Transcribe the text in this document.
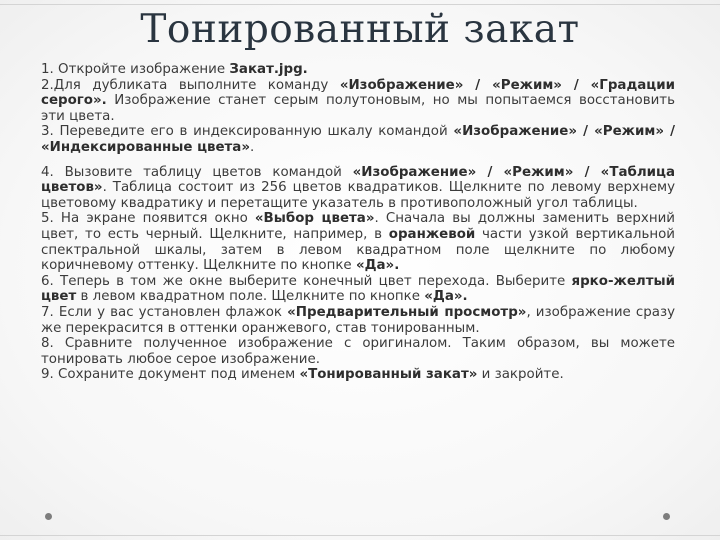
Тонированный закат

1. Откройте изображение Закат.jpg.

2.Для дубликата выполните команду «Изображение» / «Режим» / «Градации серого». Изображение станет серым полутоновым, но мы попытаемся восстановить эти цвета.

3. Переведите его в индексированную шкалу командой «Изображение» / «Режим» / «Индексированные цвета».

4. Вызовите таблицу цветов командой «Изображение» / «Режим» / «Таблица цветов». Таблица состоит из 256 цветов квадратиков. Щелкните по левому верхнему цветовому квадратику и перетащите указатель в противоположный угол таблицы.

5. На экране появится окно «Выбор цвета». Сначала вы должны заменить верхний цвет, то есть черный. Щелкните, например, в оранжевой части узкой вертикальной спектральной шкалы, затем в левом квадратном поле щелкните по любому коричневому оттенку. Щелкните по кнопке «Да».

6. Теперь в том же окне выберите конечный цвет перехода. Выберите ярко-желтый цвет в левом квадратном поле. Щелкните по кнопке «Да».

7. Если у вас установлен флажок «Предварительный просмотр», изображение сразу же перекрасится в оттенки оранжевого, став тонированным.

8. Сравните полученное изображение с оригиналом. Таким образом, вы можете тонировать любое серое изображение.

9. Сохраните документ под именем «Тонированный закат» и закройте.
